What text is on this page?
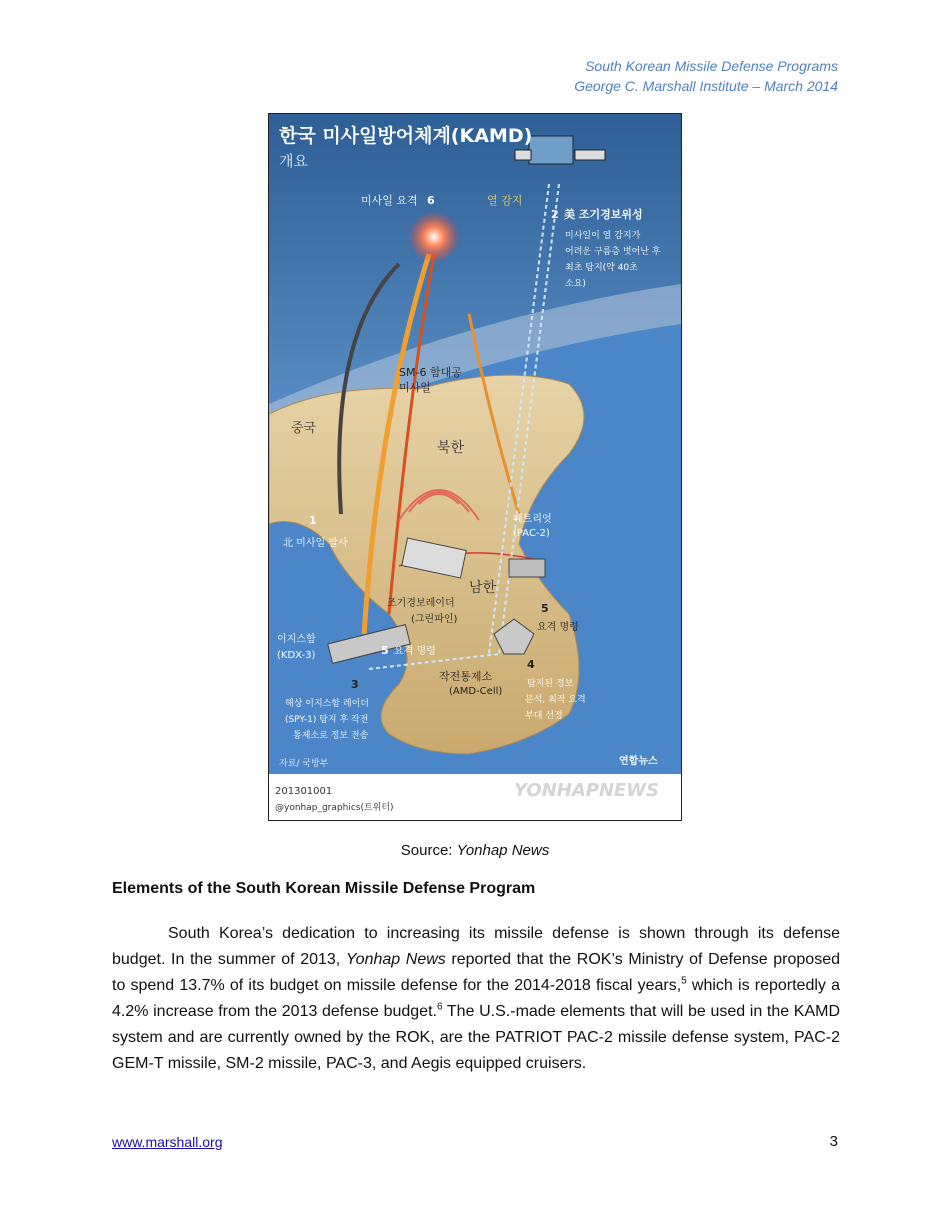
South Korean Missile Defense Programs
George C. Marshall Institute – March 2014
한국 미사일방어체계(KAMD)
개요
미사일 요격 6	열 감지
2 美 조기경보위성
미사일이 열 감지가
어려운 구름층 벗어난 후
최초 탐지(약 40초
소요)
SM-6 함대공
미사일
중국
북한
1
北 미사일 발사
패트리엇
(PAC-2)
남한
조기경보레이더
(그린파인)
5
요격 명령
이지스함
(KDX-3)	5 요격 명령
4
작전통제소
(AMD-Cell)
탐지된 정보
분석, 최적 요격
부대 선정
3
해상 이지스함 레이더
(SPY-1) 탐지 후 작전
통제소로 정보 전송
자료/ 국방부	연합뉴스
201301001
@yonhap_graphics(트위터)
YONHAPNEWS
Source: Yonhap News
Elements of the South Korean Missile Defense Program
South Korea’s dedication to increasing its missile defense is shown through its defense budget. In the summer of 2013, Yonhap News reported that the ROK’s Ministry of Defense proposed to spend 13.7% of its budget on missile defense for the 2014-2018 fiscal years,$^5$ which is reportedly a 4.2% increase from the 2013 defense budget.$^6$ The U.S.-made elements that will be used in the KAMD system and are currently owned by the ROK, are the PATRIOT PAC-2 missile defense system, PAC-2 GEM-T missile, SM-2 missile, PAC-3, and Aegis equipped cruisers.
www.marshall.org	3
